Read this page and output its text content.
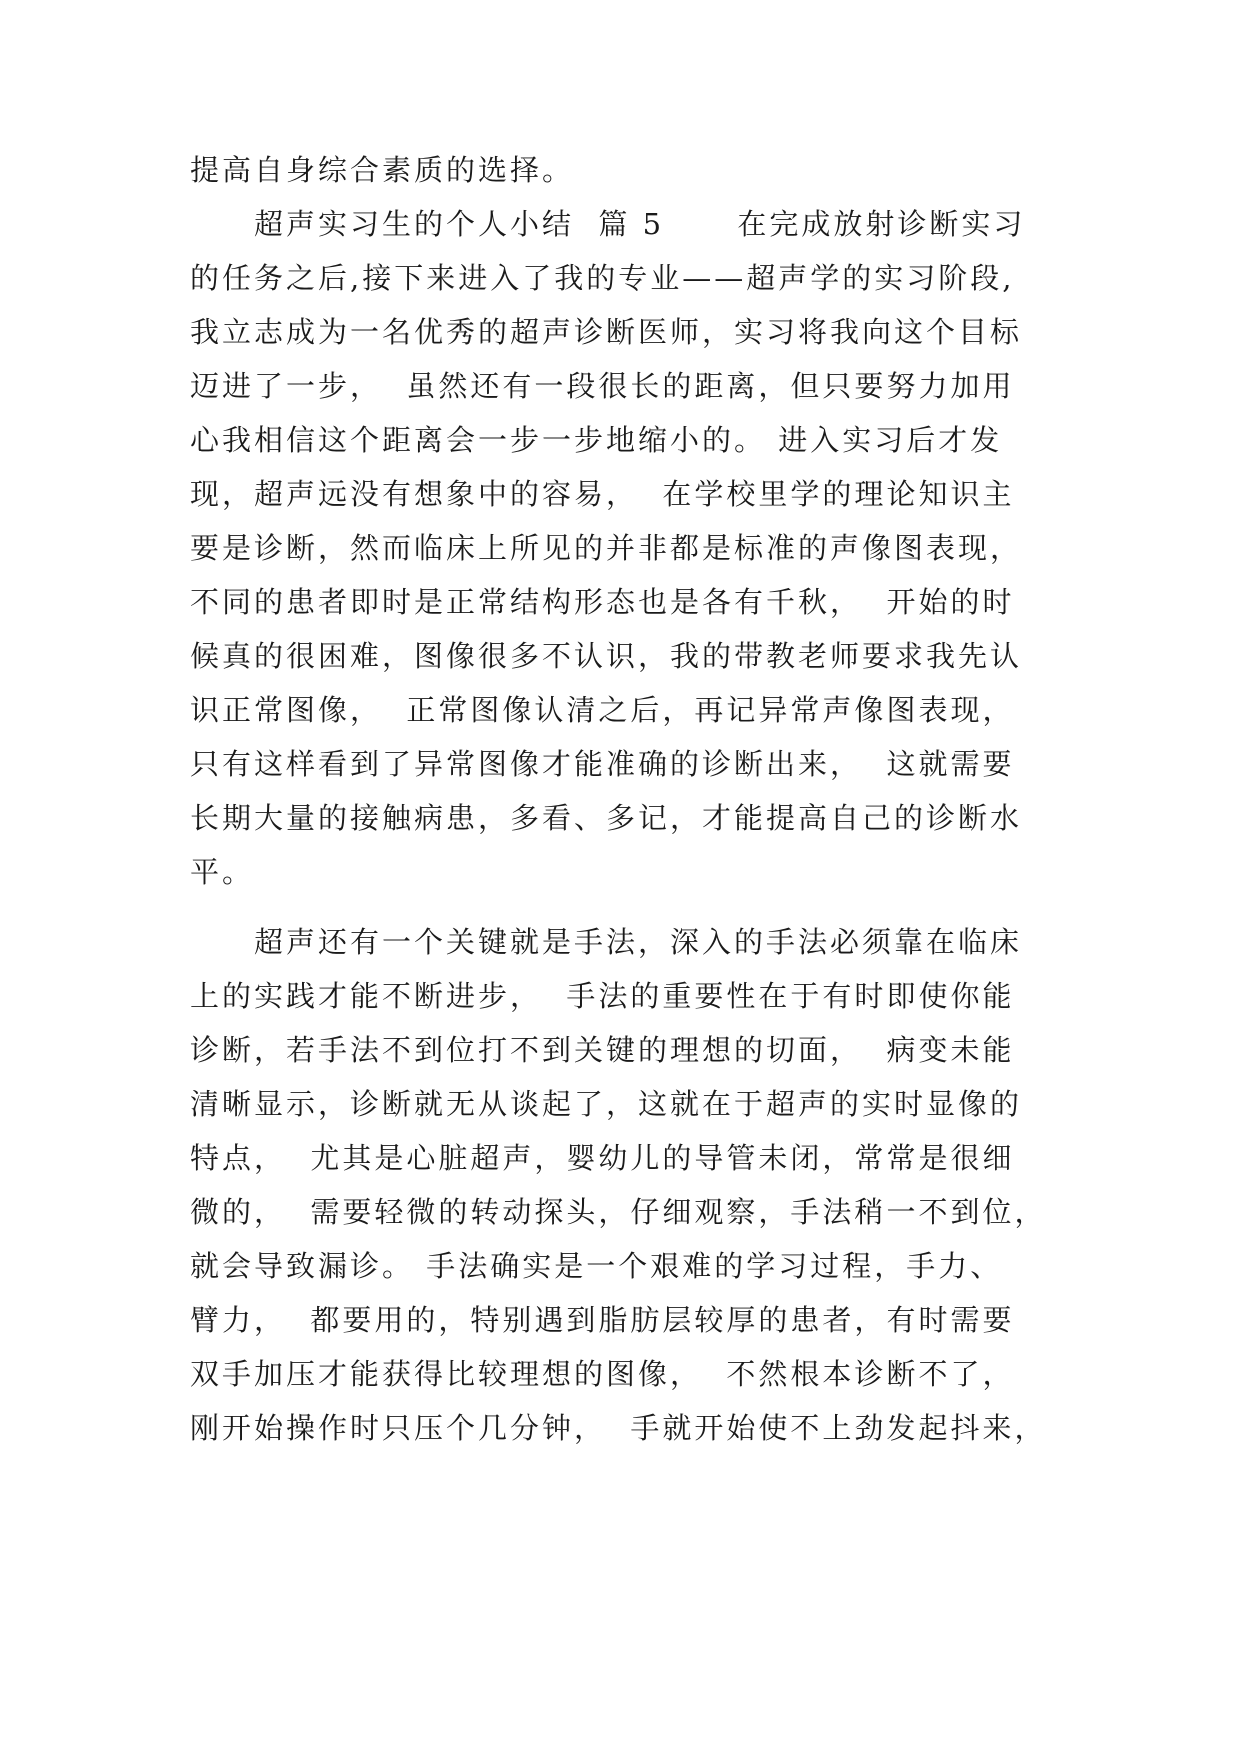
提高自身综合素质的选择。
超声实习生的个人小结  篇 5      在完成放射诊断实习
的任务之后,接下来进入了我的专业——超声学的实习阶段,
我立志成为一名优秀的超声诊断医师，实习将我向这个目标
迈进了一步，  虽然还有一段很长的距离，但只要努力加用
心我相信这个距离会一步一步地缩小的。 进入实习后才发
现，超声远没有想象中的容易，  在学校里学的理论知识主
要是诊断，然而临床上所见的并非都是标准的声像图表现，
不同的患者即时是正常结构形态也是各有千秋，  开始的时
候真的很困难，图像很多不认识，我的带教老师要求我先认
识正常图像，  正常图像认清之后，再记异常声像图表现，
只有这样看到了异常图像才能准确的诊断出来，  这就需要
长期大量的接触病患，多看、多记，才能提高自己的诊断水
平。
超声还有一个关键就是手法，深入的手法必须靠在临床
上的实践才能不断进步，  手法的重要性在于有时即使你能
诊断，若手法不到位打不到关键的理想的切面，  病变未能
清晰显示，诊断就无从谈起了，这就在于超声的实时显像的
特点，  尤其是心脏超声，婴幼儿的导管未闭，常常是很细
微的，  需要轻微的转动探头，仔细观察，手法稍一不到位，
就会导致漏诊。 手法确实是一个艰难的学习过程，手力、
臂力，  都要用的，特别遇到脂肪层较厚的患者，有时需要
双手加压才能获得比较理想的图像，  不然根本诊断不了，
刚开始操作时只压个几分钟，  手就开始使不上劲发起抖来，
